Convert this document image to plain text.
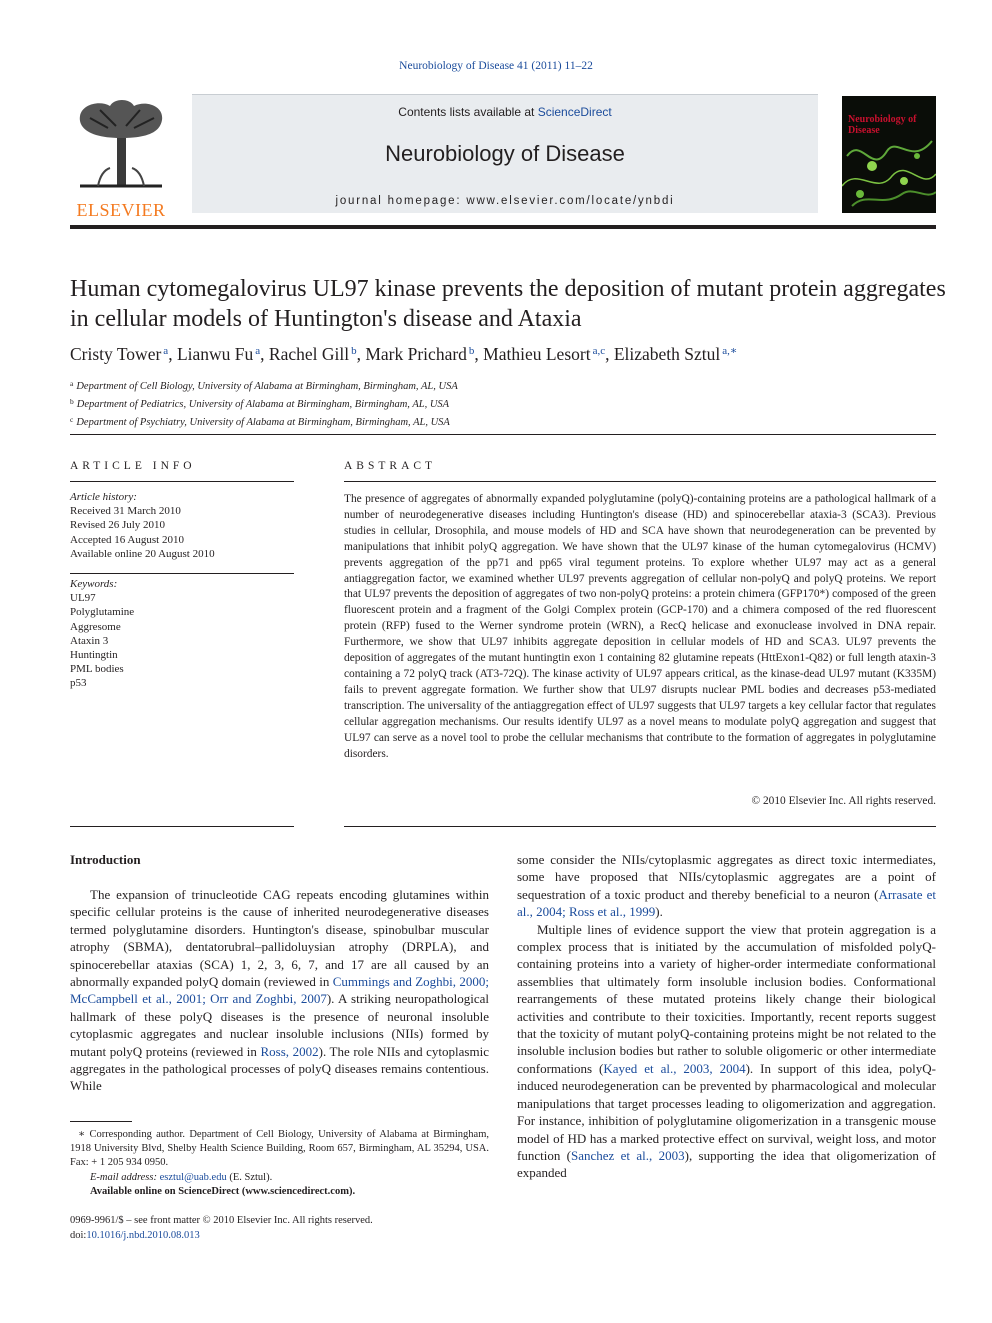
Neurobiology of Disease 41 (2011) 11–22
ELSEVIER
Contents lists available at ScienceDirect
Neurobiology of Disease
journal homepage: www.elsevier.com/locate/ynbdi
Neurobiology of Disease
Human cytomegalovirus UL97 kinase prevents the deposition of mutant protein aggregates in cellular models of Huntington's disease and Ataxia
Cristy Tower $^a$, Lianwu Fu $^a$, Rachel Gill $^b$, Mark Prichard $^b$, Mathieu Lesort $^{a,c}$, Elizabeth Sztul $^{a,∗}$
$^a$ Department of Cell Biology, University of Alabama at Birmingham, Birmingham, AL, USA
$^b$ Department of Pediatrics, University of Alabama at Birmingham, Birmingham, AL, USA
$^c$ Department of Psychiatry, University of Alabama at Birmingham, Birmingham, AL, USA
ARTICLE INFO
Article history:
Received 31 March 2010
Revised 26 July 2010
Accepted 16 August 2010
Available online 20 August 2010
Keywords:
UL97
Polyglutamine
Aggresome
Ataxin 3
Huntingtin
PML bodies
p53
ABSTRACT
The presence of aggregates of abnormally expanded polyglutamine (polyQ)-containing proteins are a pathological hallmark of a number of neurodegenerative diseases including Huntington's disease (HD) and spinocerebellar ataxia-3 (SCA3). Previous studies in cellular, Drosophila, and mouse models of HD and SCA have shown that neurodegeneration can be prevented by manipulations that inhibit polyQ aggregation. We have shown that the UL97 kinase of the human cytomegalovirus (HCMV) prevents aggregation of the pp71 and pp65 viral tegument proteins. To explore whether UL97 may act as a general antiaggregation factor, we examined whether UL97 prevents aggregation of cellular non-polyQ and polyQ proteins. We report that UL97 prevents the deposition of aggregates of two non-polyQ proteins: a protein chimera (GFP170*) composed of the green fluorescent protein and a fragment of the Golgi Complex protein (GCP-170) and a chimera composed of the red fluorescent protein (RFP) fused to the Werner syndrome protein (WRN), a RecQ helicase and exonuclease involved in DNA repair. Furthermore, we show that UL97 inhibits aggregate deposition in cellular models of HD and SCA3. UL97 prevents the deposition of aggregates of the mutant huntingtin exon 1 containing 82 glutamine repeats (HttExon1-Q82) or full length ataxin-3 containing a 72 polyQ track (AT3-72Q). The kinase activity of UL97 appears critical, as the kinase-dead UL97 mutant (K335M) fails to prevent aggregate formation. We further show that UL97 disrupts nuclear PML bodies and decreases p53-mediated transcription. The universality of the antiaggregation effect of UL97 suggests that UL97 targets a key cellular factor that regulates cellular aggregation mechanisms. Our results identify UL97 as a novel means to modulate polyQ aggregation and suggest that UL97 can serve as a novel tool to probe the cellular mechanisms that contribute to the formation of aggregates in polyglutamine disorders.
© 2010 Elsevier Inc. All rights reserved.
Introduction

The expansion of trinucleotide CAG repeats encoding glutamines within specific cellular proteins is the cause of inherited neurodegenerative diseases termed polyglutamine disorders. Huntington's disease, spinobulbar muscular atrophy (SBMA), dentatorubral–pallidoluysian atrophy (DRPLA), and spinocerebellar ataxias (SCA) 1, 2, 3, 6, 7, and 17 are all caused by an abnormally expanded polyQ domain (reviewed in Cummings and Zoghbi, 2000; McCampbell et al., 2001; Orr and Zoghbi, 2007). A striking neuropathological hallmark of these polyQ diseases is the presence of neuronal insoluble cytoplasmic aggregates and nuclear insoluble inclusions (NIIs) formed by mutant polyQ proteins (reviewed in Ross, 2002). The role NIIs and cytoplasmic aggregates in the pathological processes of polyQ diseases remains contentious. While

some consider the NIIs/cytoplasmic aggregates as direct toxic intermediates, some have proposed that NIIs/cytoplasmic aggregates are a point of sequestration of a toxic product and thereby beneficial to a neuron (Arrasate et al., 2004; Ross et al., 1999).

Multiple lines of evidence support the view that protein aggregation is a complex process that is initiated by the accumulation of misfolded polyQ-containing proteins into a variety of higher-order intermediate conformational assemblies that ultimately form insoluble inclusion bodies. Conformational rearrangements of these mutated proteins likely change their biological activities and contribute to their toxicities. Importantly, recent reports suggest that the toxicity of mutant polyQ-containing proteins might be not related to the insoluble inclusion bodies but rather to soluble oligomeric or other intermediate conformations (Kayed et al., 2003, 2004). In support of this idea, polyQ-induced neurodegeneration can be prevented by pharmacological and molecular manipulations that target processes leading to oligomerization and aggregation. For instance, inhibition of polyglutamine oligomerization in a transgenic mouse model of HD has a marked protective effect on survival, weight loss, and motor function (Sanchez et al., 2003), supporting the idea that oligomerization of expanded

∗ Corresponding author. Department of Cell Biology, University of Alabama at Birmingham, 1918 University Blvd, Shelby Health Science Building, Room 657, Birmingham, AL 35294, USA. Fax: + 1 205 934 0950.

E-mail address: esztul@uab.edu (E. Sztul).

Available online on ScienceDirect (www.sciencedirect.com).

0969-9961/$ – see front matter © 2010 Elsevier Inc. All rights reserved.
doi:10.1016/j.nbd.2010.08.013
